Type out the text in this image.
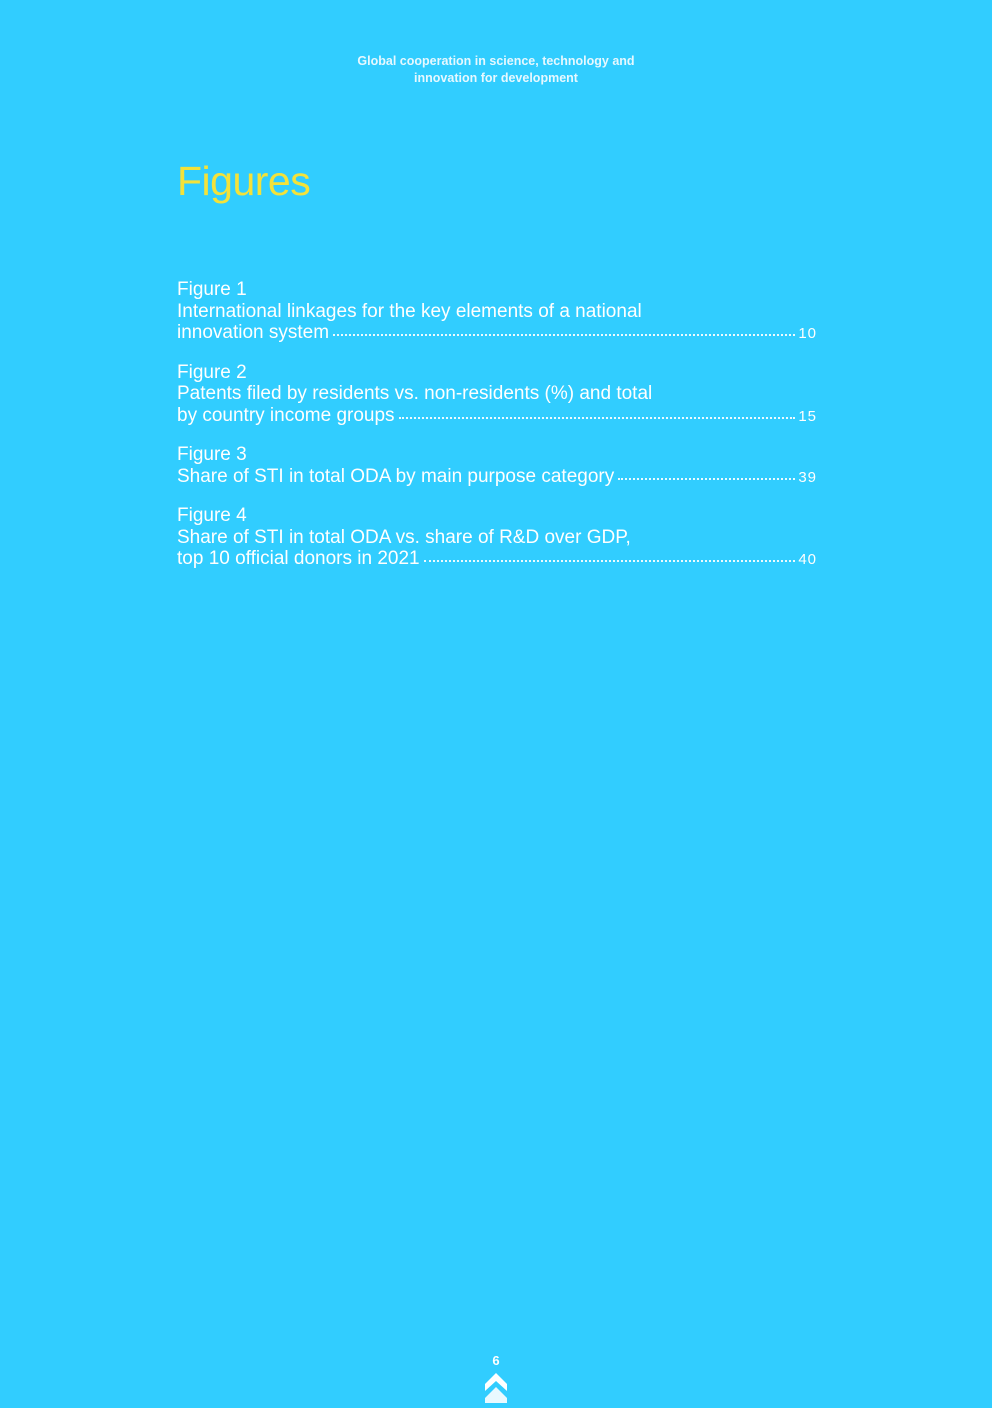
Global cooperation in science, technology and
innovation for development
Figures
Figure 1
International linkages for the key elements of a national
innovation system	10
Figure 2
Patents filed by residents vs. non-residents (%) and total
by country income groups	15
Figure 3
Share of STI in total ODA by main purpose category	39
Figure 4
Share of STI in total ODA vs. share of R&D over GDP,
top 10 official donors in 2021	40
6
